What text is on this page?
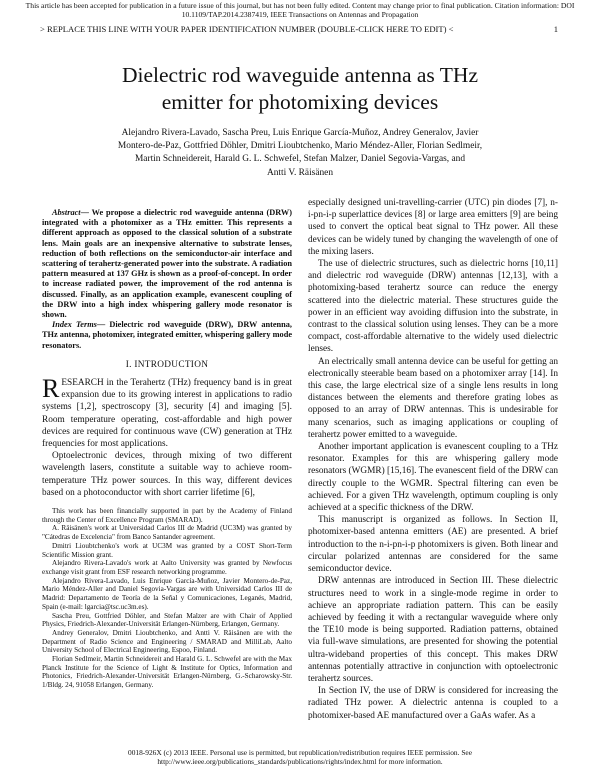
This article has been accepted for publication in a future issue of this journal, but has not been fully edited. Content may change prior to final publication. Citation information: DOI
10.1109/TAP.2014.2387419, IEEE Transactions on Antennas and Propagation
> REPLACE THIS LINE WITH YOUR PAPER IDENTIFICATION NUMBER (DOUBLE-CLICK HERE TO EDIT) <	1
Dielectric rod waveguide antenna as THz
emitter for photomixing devices
Alejandro Rivera-Lavado, Sascha Preu, Luis Enrique García-Muñoz, Andrey Generalov, Javier
Montero-de-Paz, Gottfried Döhler, Dmitri Lioubtchenko, Mario Méndez-Aller, Florian Sedlmeir,
Martin Schneidereit, Harald G. L. Schwefel, Stefan Malzer, Daniel Segovia-Vargas, and
Antti V. Räisänen

Abstract— We propose a dielectric rod waveguide antenna (DRW) integrated with a photomixer as a THz emitter. This represents a different approach as opposed to the classical solution of a substrate lens. Main goals are an inexpensive alternative to substrate lenses, reduction of both reflections on the semiconductor-air interface and scattering of terahertz-generated power into the substrate. A radiation pattern measured at 137 GHz is shown as a proof-of-concept. In order to increase radiated power, the improvement of the rod antenna is discussed. Finally, as an application example, evanescent coupling of the DRW into a high index whispering gallery mode resonator is shown.

Index Terms— Dielectric rod waveguide (DRW), DRW antenna, THz antenna, photomixer, integrated emitter, whispering gallery mode resonators.

I. INTRODUCTION

RESEARCH in the Terahertz (THz) frequency band is in great expansion due to its growing interest in applications to radio systems [1,2], spectroscopy [3], security [4] and imaging [5]. Room temperature operating, cost-affordable and high power devices are required for continuous wave (CW) generation at THz frequencies for most applications.

Optoelectronic devices, through mixing of two different wavelength lasers, constitute a suitable way to achieve room-temperature THz power sources. In this way, different devices based on a photoconductor with short carrier lifetime [6],

This work has been financially supported in part by the Academy of Finland through the Center of Excellence Program (SMARAD).

A. Räisänen's work at Universidad Carlos III de Madrid (UC3M) was granted by "Cátedras de Excelencia" from Banco Santander agreement.

Dmitri Lioubtchenko's work at UC3M was granted by a COST Short-Term Scientific Mission grant.

Alejandro Rivera-Lavado's work at Aalto University was granted by Newfocus exchange visit grant from ESF research networking programme.

Alejandro Rivera-Lavado, Luis Enrique García-Muñoz, Javier Montero-de-Paz, Mario Méndez-Aller and Daniel Segovia-Vargas are with Universidad Carlos III de Madrid: Departamento de Teoría de la Señal y Comunicaciones, Leganés, Madrid, Spain (e-mail: lgarcia@tsc.uc3m.es).

Sascha Preu, Gottfried Döhler, and Stefan Malzer are with Chair of Applied Physics, Friedrich-Alexander-Universität Erlangen-Nürnberg, Erlangen, Germany.

Andrey Generalov, Dmitri Lioubtchenko, and Antti V. Räisänen are with the Department of Radio Science and Engineering / SMARAD and MilliLab, Aalto University School of Electrical Engineering, Espoo, Finland.

Florian Sedlmeir, Martin Schneidereit and Harald G. L. Schwefel are with the Max Planck Institute for the Science of Light & Institute for Optics, Information and Photonics, Friedrich-Alexander-Universität Erlangen-Nürnberg, G.-Scharowsky-Str. 1/Bldg. 24, 91058 Erlangen, Germany.

especially designed uni-travelling-carrier (UTC) pin diodes [7], n-i-pn-i-p superlattice devices [8] or large area emitters [9] are being used to convert the optical beat signal to THz power. All these devices can be widely tuned by changing the wavelength of one of the mixing lasers.

The use of dielectric structures, such as dielectric horns [10,11] and dielectric rod waveguide (DRW) antennas [12,13], with a photomixing-based terahertz source can reduce the energy scattered into the dielectric material. These structures guide the power in an efficient way avoiding diffusion into the substrate, in contrast to the classical solution using lenses. They can be a more compact, cost-affordable alternative to the widely used dielectric lenses.

An electrically small antenna device can be useful for getting an electronically steerable beam based on a photomixer array [14]. In this case, the large electrical size of a single lens results in long distances between the elements and therefore grating lobes as opposed to an array of DRW antennas. This is undesirable for many scenarios, such as imaging applications or coupling of terahertz power emitted to a waveguide.

Another important application is evanescent coupling to a THz resonator. Examples for this are whispering gallery mode resonators (WGMR) [15,16]. The evanescent field of the DRW can directly couple to the WGMR. Spectral filtering can even be achieved. For a given THz wavelength, optimum coupling is only achieved at a specific thickness of the DRW.

This manuscript is organized as follows. In Section II, photomixer-based antenna emitters (AE) are presented. A brief introduction to the n-i-pn-i-p photomixers is given. Both linear and circular polarized antennas are considered for the same semiconductor device.

DRW antennas are introduced in Section III. These dielectric structures need to work in a single-mode regime in order to achieve an appropriate radiation pattern. This can be easily achieved by feeding it with a rectangular waveguide where only the TE10 mode is being supported. Radiation patterns, obtained via full-wave simulations, are presented for showing the potential ultra-wideband properties of this concept. This makes DRW antennas potentially attractive in conjunction with optoelectronic terahertz sources.

In Section IV, the use of DRW is considered for increasing the radiated THz power. A dielectric antenna is coupled to a photomixer-based AE manufactured over a GaAs wafer. As a

0018-926X (c) 2013 IEEE. Personal use is permitted, but republication/redistribution requires IEEE permission. See
http://www.ieee.org/publications_standards/publications/rights/index.html for more information.
